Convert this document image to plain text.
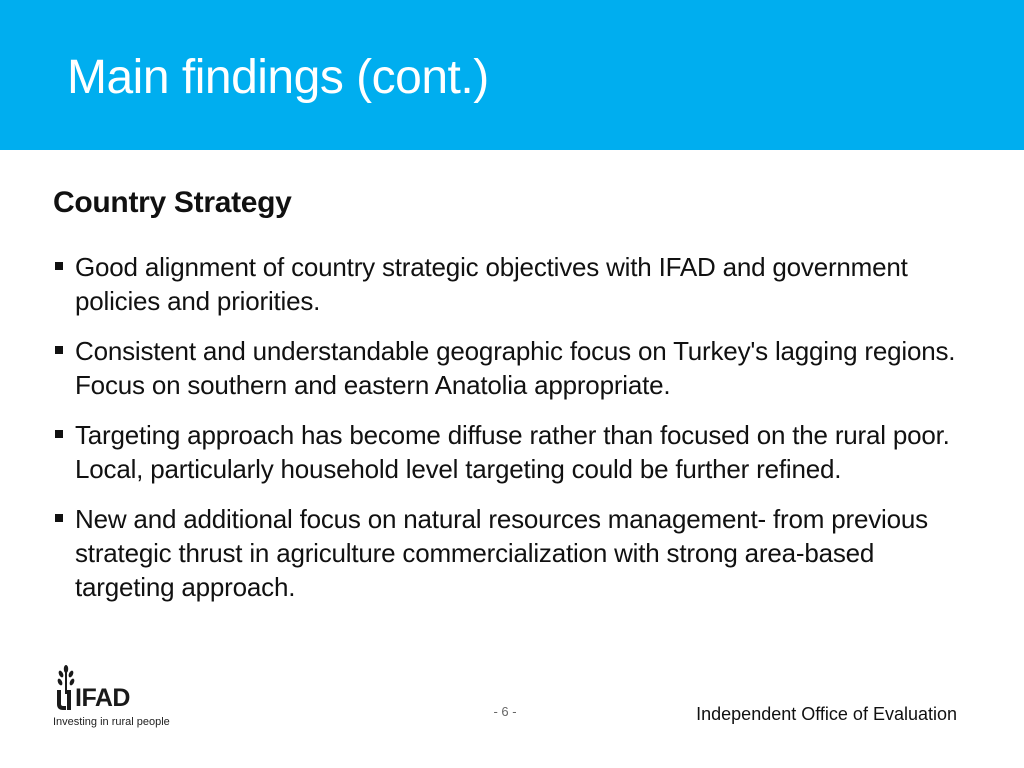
Main findings (cont.)
Country Strategy
Good alignment of country strategic objectives with IFAD and government policies and priorities.
Consistent and understandable geographic focus on Turkey's lagging regions. Focus on southern and eastern Anatolia appropriate.
Targeting approach has become diffuse rather than focused on the rural poor. Local, particularly household level targeting could be further refined.
New and additional focus on natural resources management- from previous strategic thrust in agriculture commercialization with strong area-based targeting approach.
IFAD
Investing in rural people
- 6 -	Independent Office of Evaluation
